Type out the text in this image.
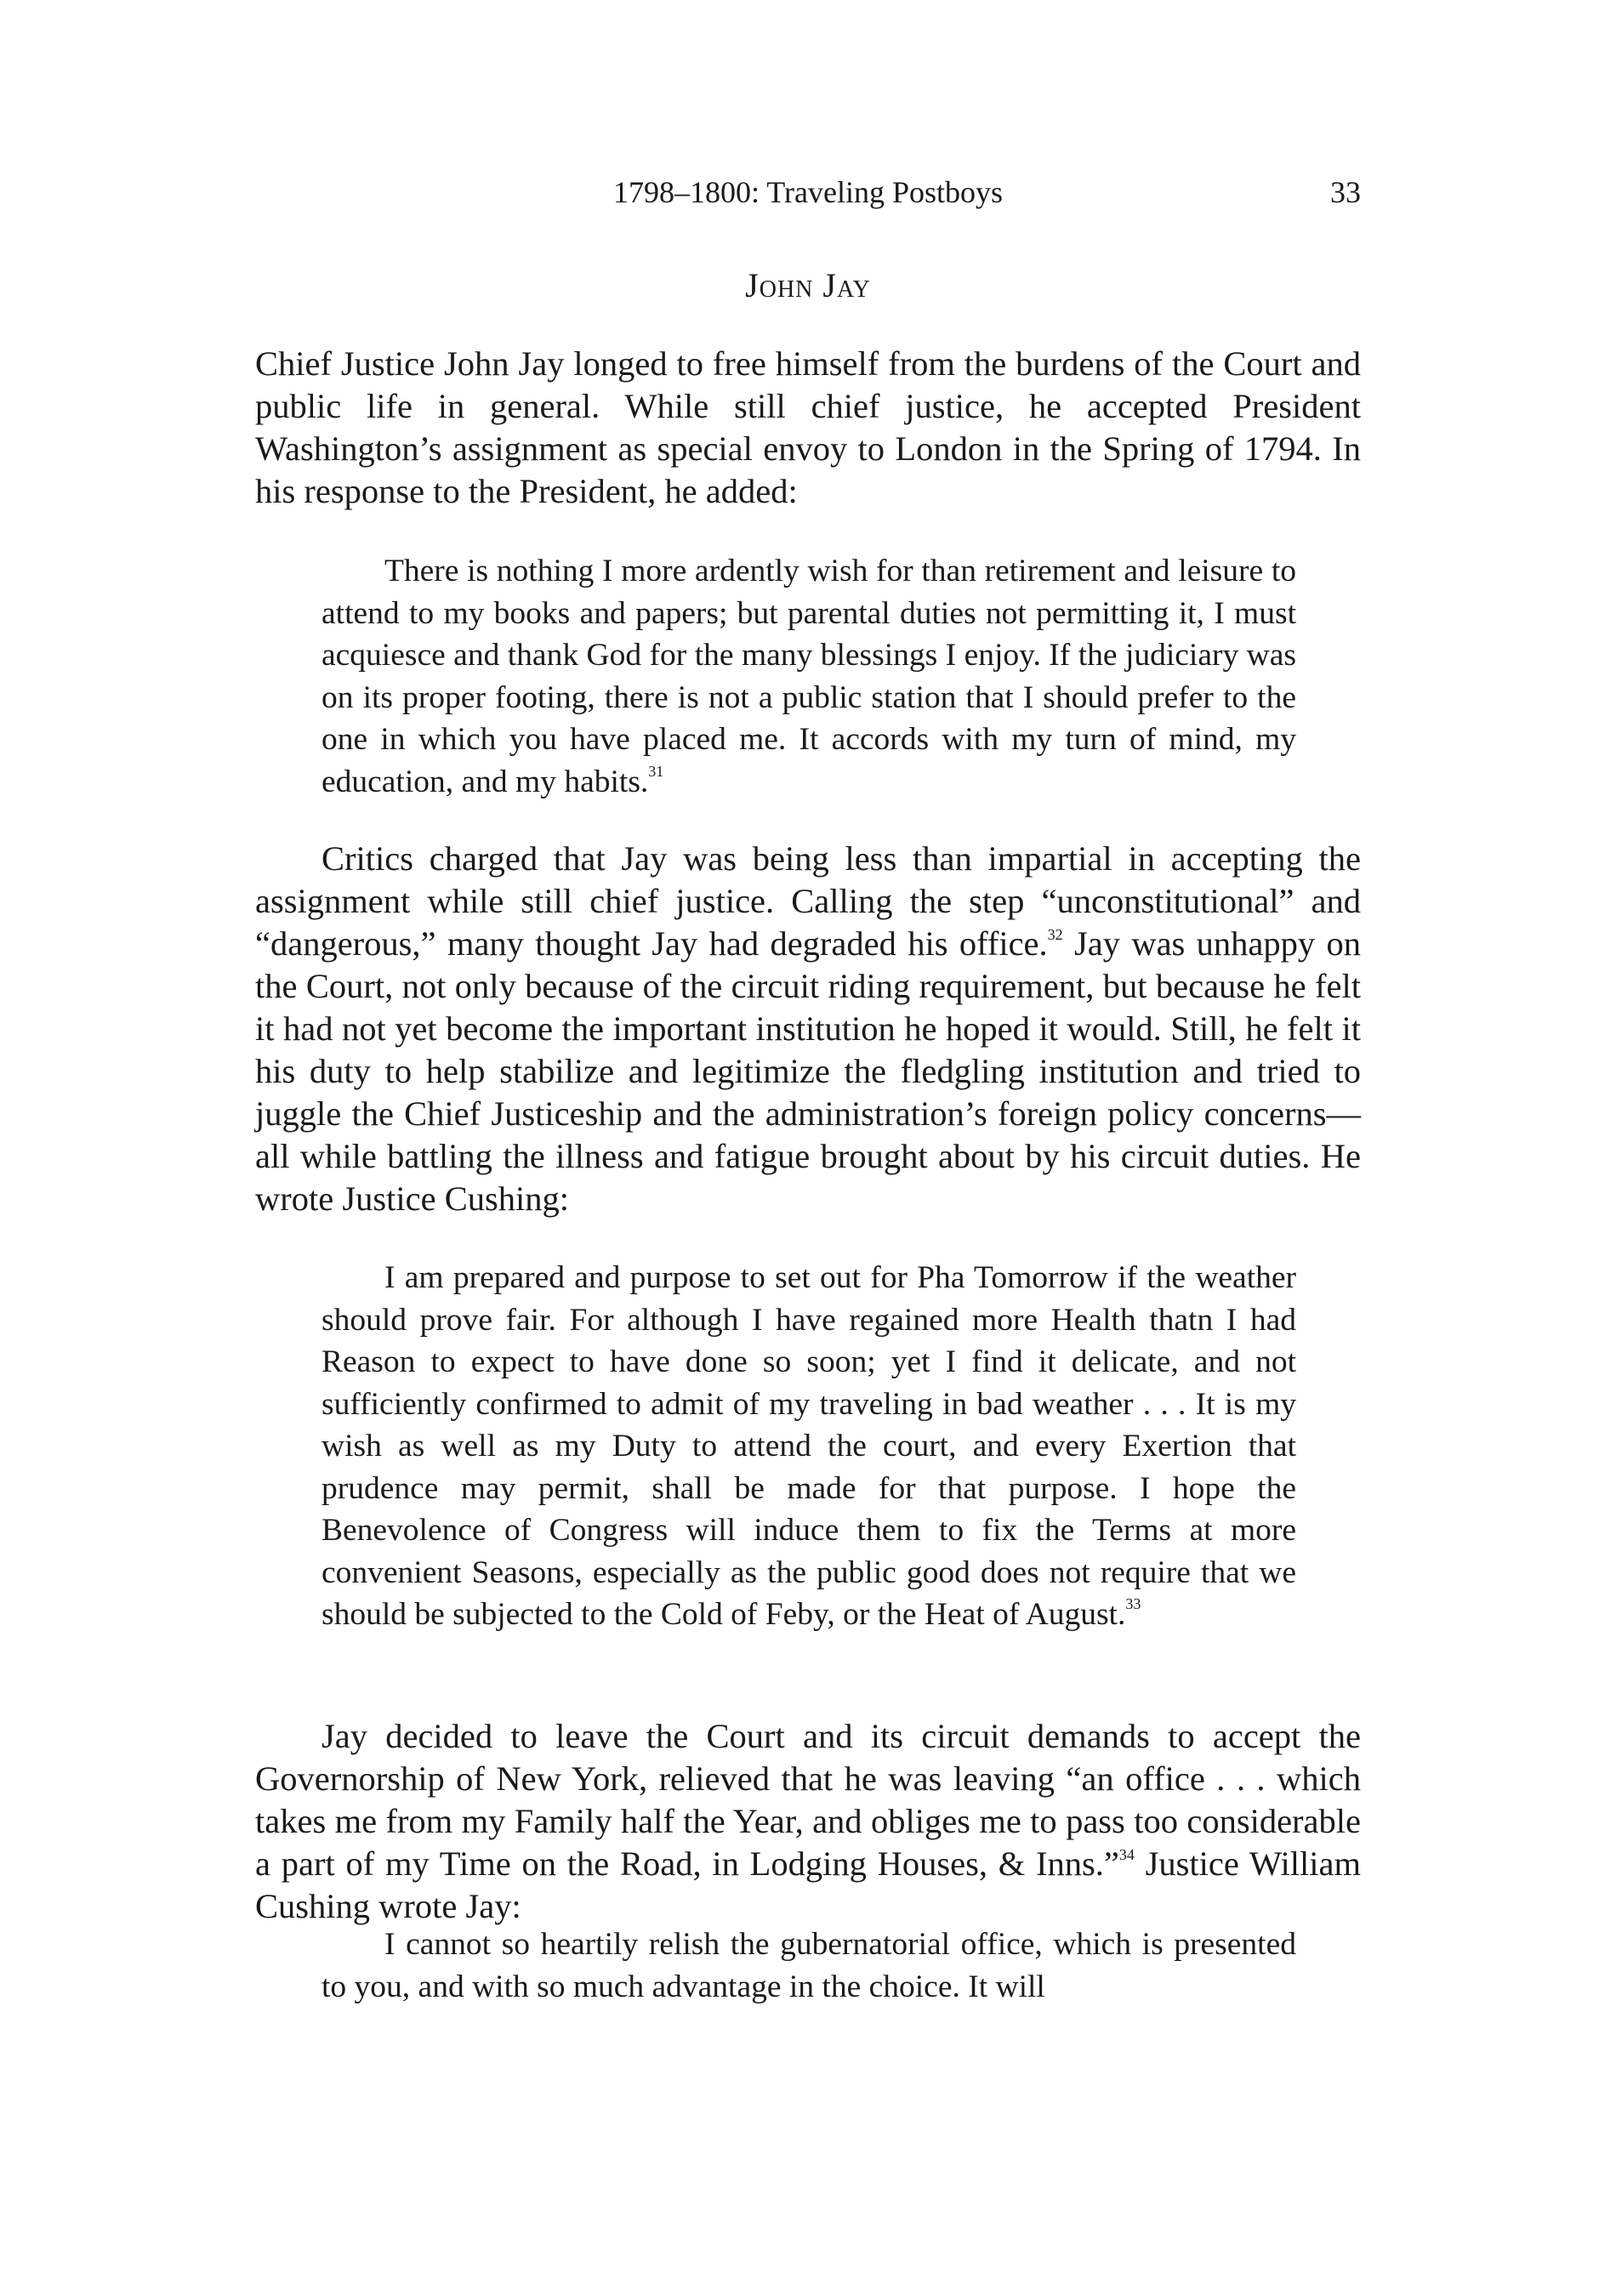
1798–1800: Traveling Postboys	33
John Jay

Chief Justice John Jay longed to free himself from the burdens of the Court and public life in general. While still chief justice, he accepted President Washington’s assignment as special envoy to London in the Spring of 1794. In his response to the President, he added:

There is nothing I more ardently wish for than retirement and leisure to attend to my books and papers; but parental duties not permitting it, I must acquiesce and thank God for the many blessings I enjoy. If the judiciary was on its proper footing, there is not a public station that I should prefer to the one in which you have placed me. It accords with my turn of mind, my education, and my habits.$^{31}$

Critics charged that Jay was being less than impartial in accepting the assignment while still chief justice. Calling the step “unconstitutional” and “dangerous,” many thought Jay had degraded his office.$^{32}$ Jay was unhappy on the Court, not only because of the circuit riding requirement, but because he felt it had not yet become the important institution he hoped it would. Still, he felt it his duty to help stabilize and legitimize the fledgling institution and tried to juggle the Chief Justiceship and the administration’s foreign policy concerns—all while battling the illness and fatigue brought about by his circuit duties. He wrote Justice Cushing:

I am prepared and purpose to set out for Pha Tomorrow if the weather should prove fair. For although I have regained more Health thatn I had Reason to expect to have done so soon; yet I find it delicate, and not sufficiently confirmed to admit of my traveling in bad weather . . . It is my wish as well as my Duty to attend the court, and every Exertion that prudence may permit, shall be made for that purpose. I hope the Benevolence of Congress will induce them to fix the Terms at more convenient Seasons, especially as the public good does not require that we should be subjected to the Cold of Feby, or the Heat of August.$^{33}$

Jay decided to leave the Court and its circuit demands to accept the Governorship of New York, relieved that he was leaving “an office . . . which takes me from my Family half the Year, and obliges me to pass too considerable a part of my Time on the Road, in Lodging Houses, & Inns.”$^{34}$ Justice William Cushing wrote Jay:

I cannot so heartily relish the gubernatorial office, which is presented to you, and with so much advantage in the choice. It will
